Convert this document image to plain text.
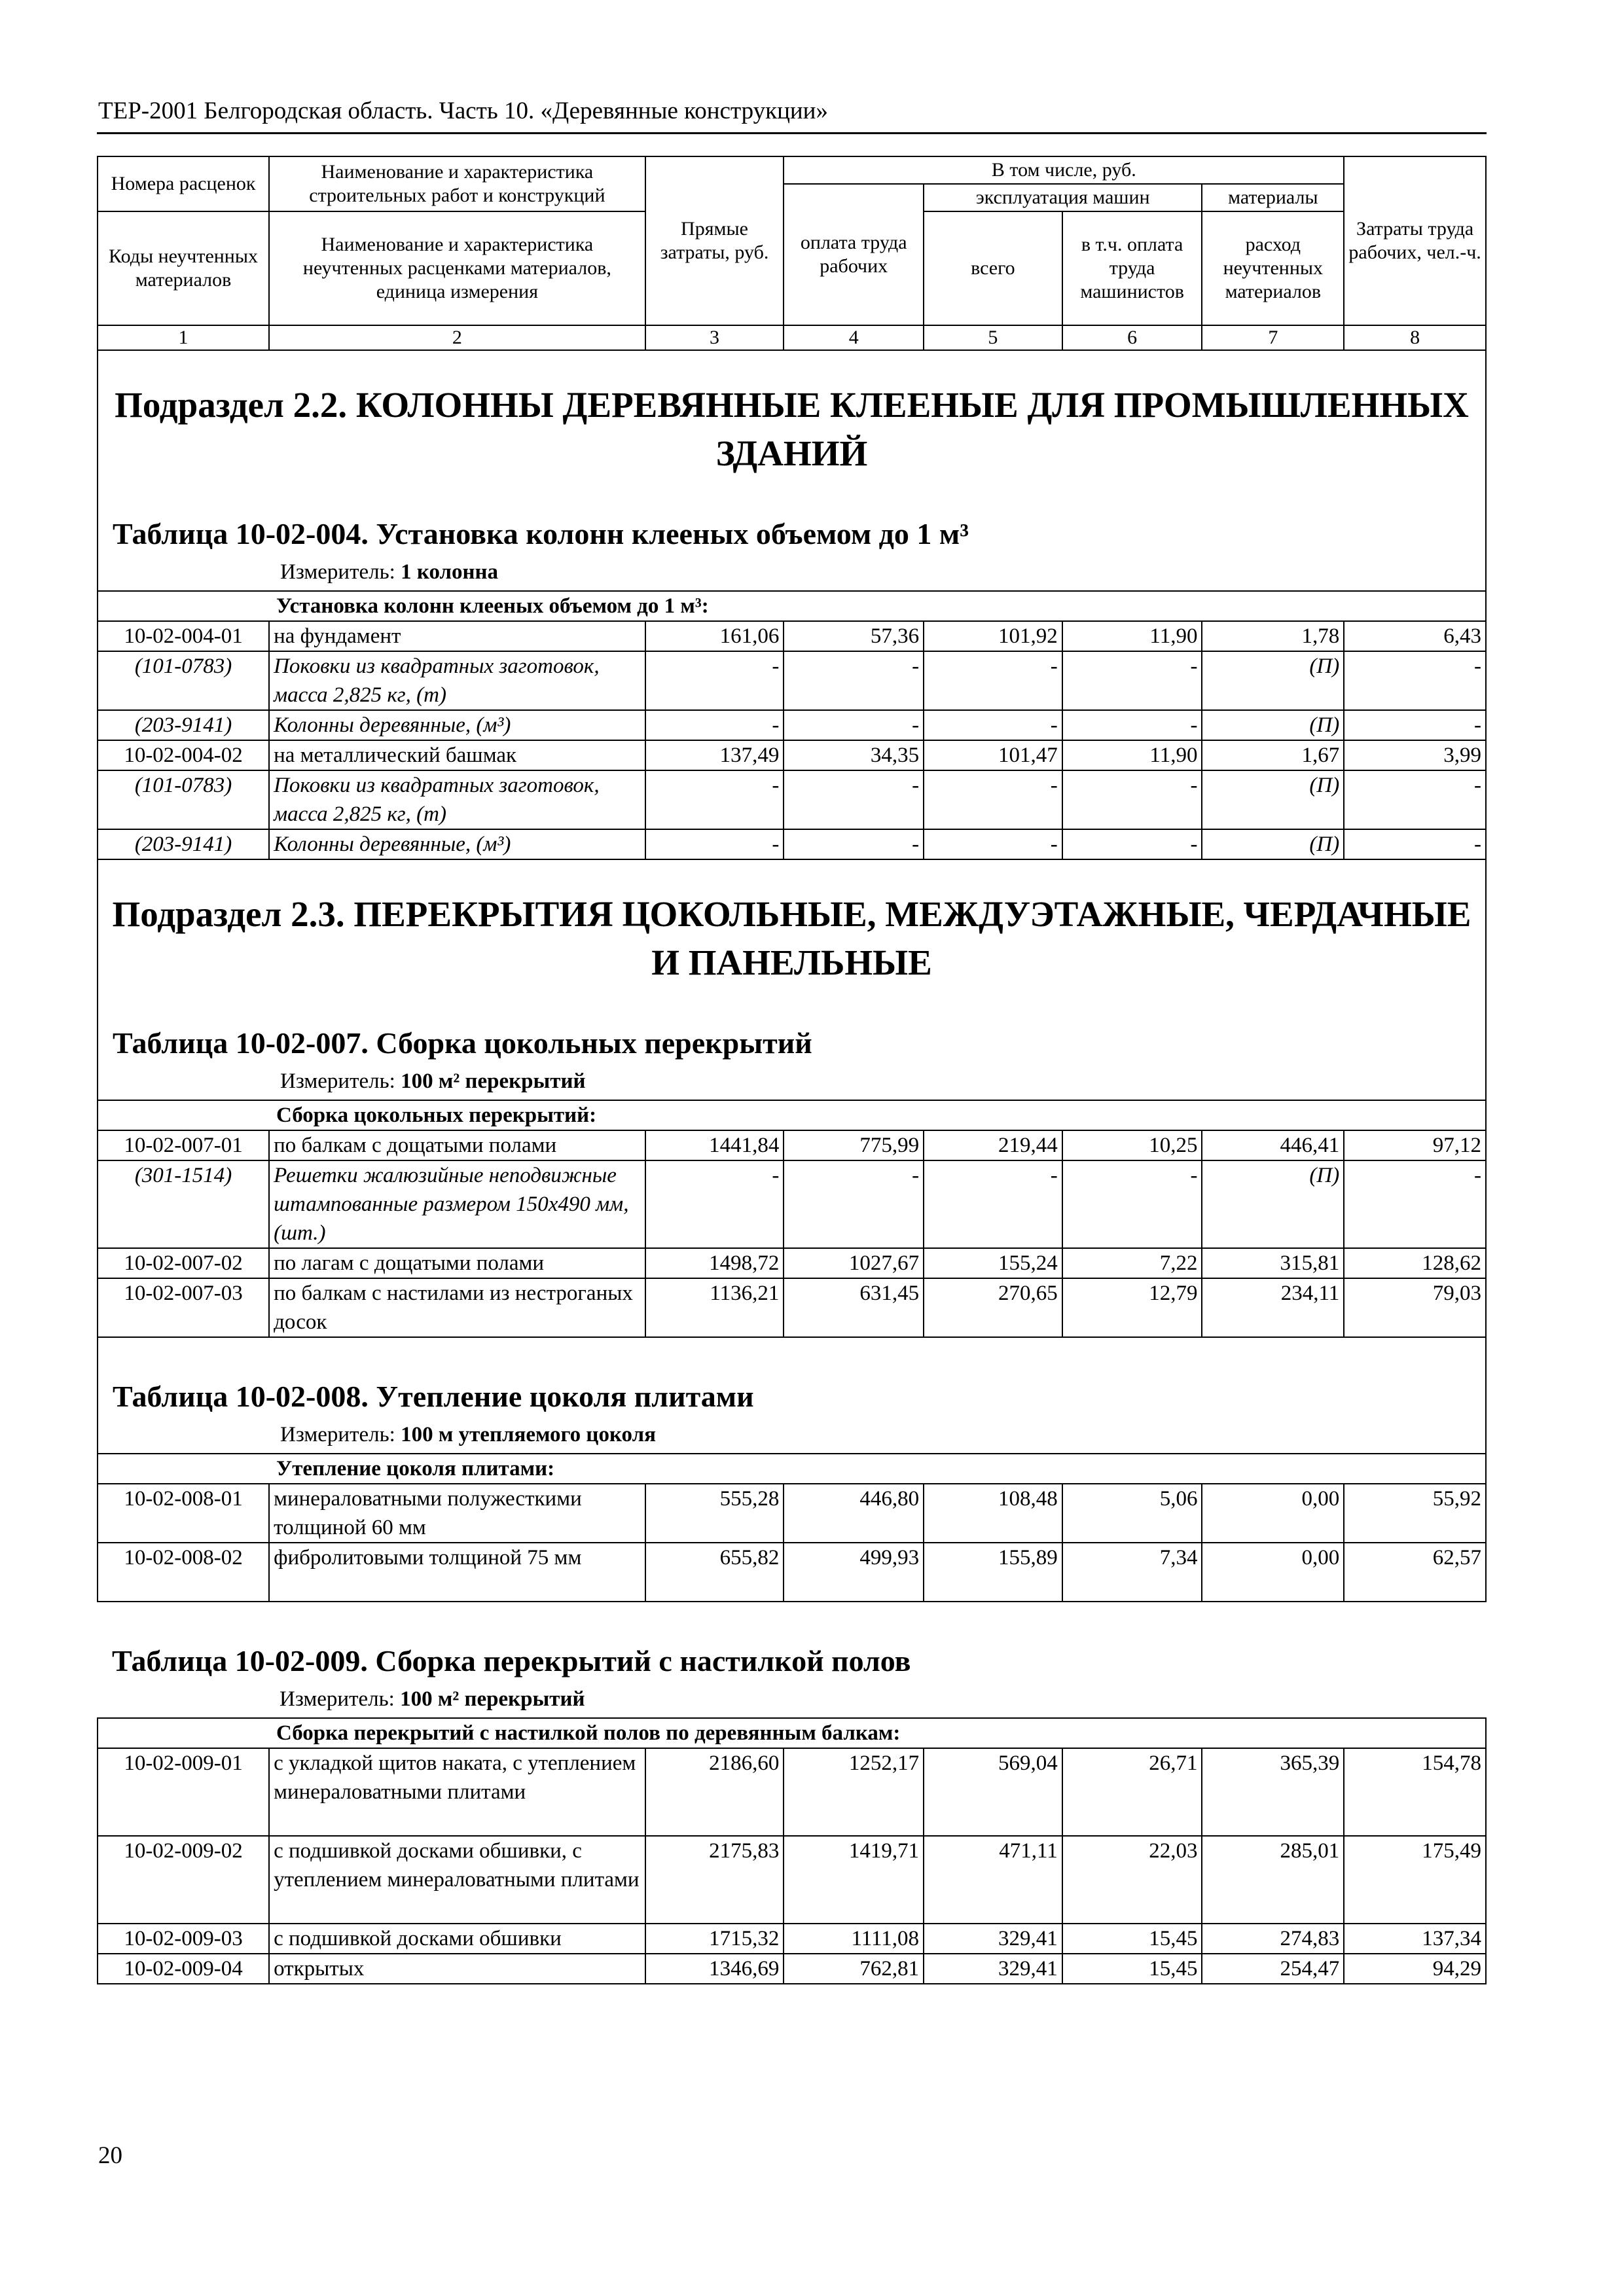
ТЕР-2001 Белгородская область. Часть 10. «Деревянные конструкции»
Номера расценок	Наименование и характеристика строительных работ и конструкций	Прямые затраты, руб.	В том числе, руб.				Затраты труда рабочих, чел.-ч.
			оплата труда рабочих	эксплуатация машин		материалы	
Коды неучтенных материалов	Наименование и характеристика неучтенных расценками материалов, единица измерения			всего	в т.ч. оплата труда машинистов	расход неучтенных материалов	

1	2	3	4	5	6	7	8

Подраздел 2.2. КОЛОННЫ ДЕРЕВЯННЫЕ КЛЕЕНЫЕ ДЛЯ ПРОМЫШЛЕННЫХ ЗДАНИЙ
Таблица 10-02-004. Установка колонн клееных объемом до 1 м³
Измеритель: 1 колонна							

Установка колонн клееных объемом до 1 м³:							
10-02-004-01	на фундамент	161,06	57,36	101,92	11,90	1,78	6,43
(101-0783)	Поковки из квадратных заготовок, масса 2,825 кг, (т)	-	-	-	-	(П)	-
(203-9141)	Колонны деревянные, (м³)	-	-	-	-	(П)	-
10-02-004-02	на металлический башмак	137,49	34,35	101,47	11,90	1,67	3,99
(101-0783)	Поковки из квадратных заготовок, масса 2,825 кг, (т)	-	-	-	-	(П)	-
(203-9141)	Колонны деревянные, (м³)	-	-	-	-	(П)	-

Подраздел 2.3. ПЕРЕКРЫТИЯ ЦОКОЛЬНЫЕ, МЕЖДУЭТАЖНЫЕ, ЧЕРДАЧНЫЕ И ПАНЕЛЬНЫЕ
Таблица 10-02-007. Сборка цокольных перекрытий
Измеритель: 100 м² перекрытий							

Сборка цокольных перекрытий:							
10-02-007-01	по балкам с дощатыми полами	1441,84	775,99	219,44	10,25	446,41	97,12
(301-1514)	Решетки жалюзийные неподвижные штампованные размером 150х490 мм, (шт.)	-	-	-	-	(П)	-
10-02-007-02	по лагам с дощатыми полами	1498,72	1027,67	155,24	7,22	315,81	128,62
10-02-007-03	по балкам с настилами из нестроганых досок	1136,21	631,45	270,65	12,79	234,11	79,03

Таблица 10-02-008. Утепление цоколя плитами
Измеритель: 100 м утепляемого цоколя							

Утепление цоколя плитами:							
10-02-008-01	минераловатными полужесткими толщиной 60 мм	555,28	446,80	108,48	5,06	0,00	55,92
10-02-008-02	фибролитовыми толщиной 75 мм	655,82	499,93	155,89	7,34	0,00	62,57

Таблица 10-02-009. Сборка перекрытий с настилкой полов
Измеритель: 100 м² перекрытий							

Сборка перекрытий с настилкой полов по деревянным балкам:							
10-02-009-01	с укладкой щитов наката, с утеплением минераловатными плитами	2186,60	1252,17	569,04	26,71	365,39	154,78
10-02-009-02	с подшивкой досками обшивки, с утеплением минераловатными плитами	2175,83	1419,71	471,11	22,03	285,01	175,49
10-02-009-03	с подшивкой досками обшивки	1715,32	1111,08	329,41	15,45	274,83	137,34
10-02-009-04	открытых	1346,69	762,81	329,41	15,45	254,47	94,29
20
